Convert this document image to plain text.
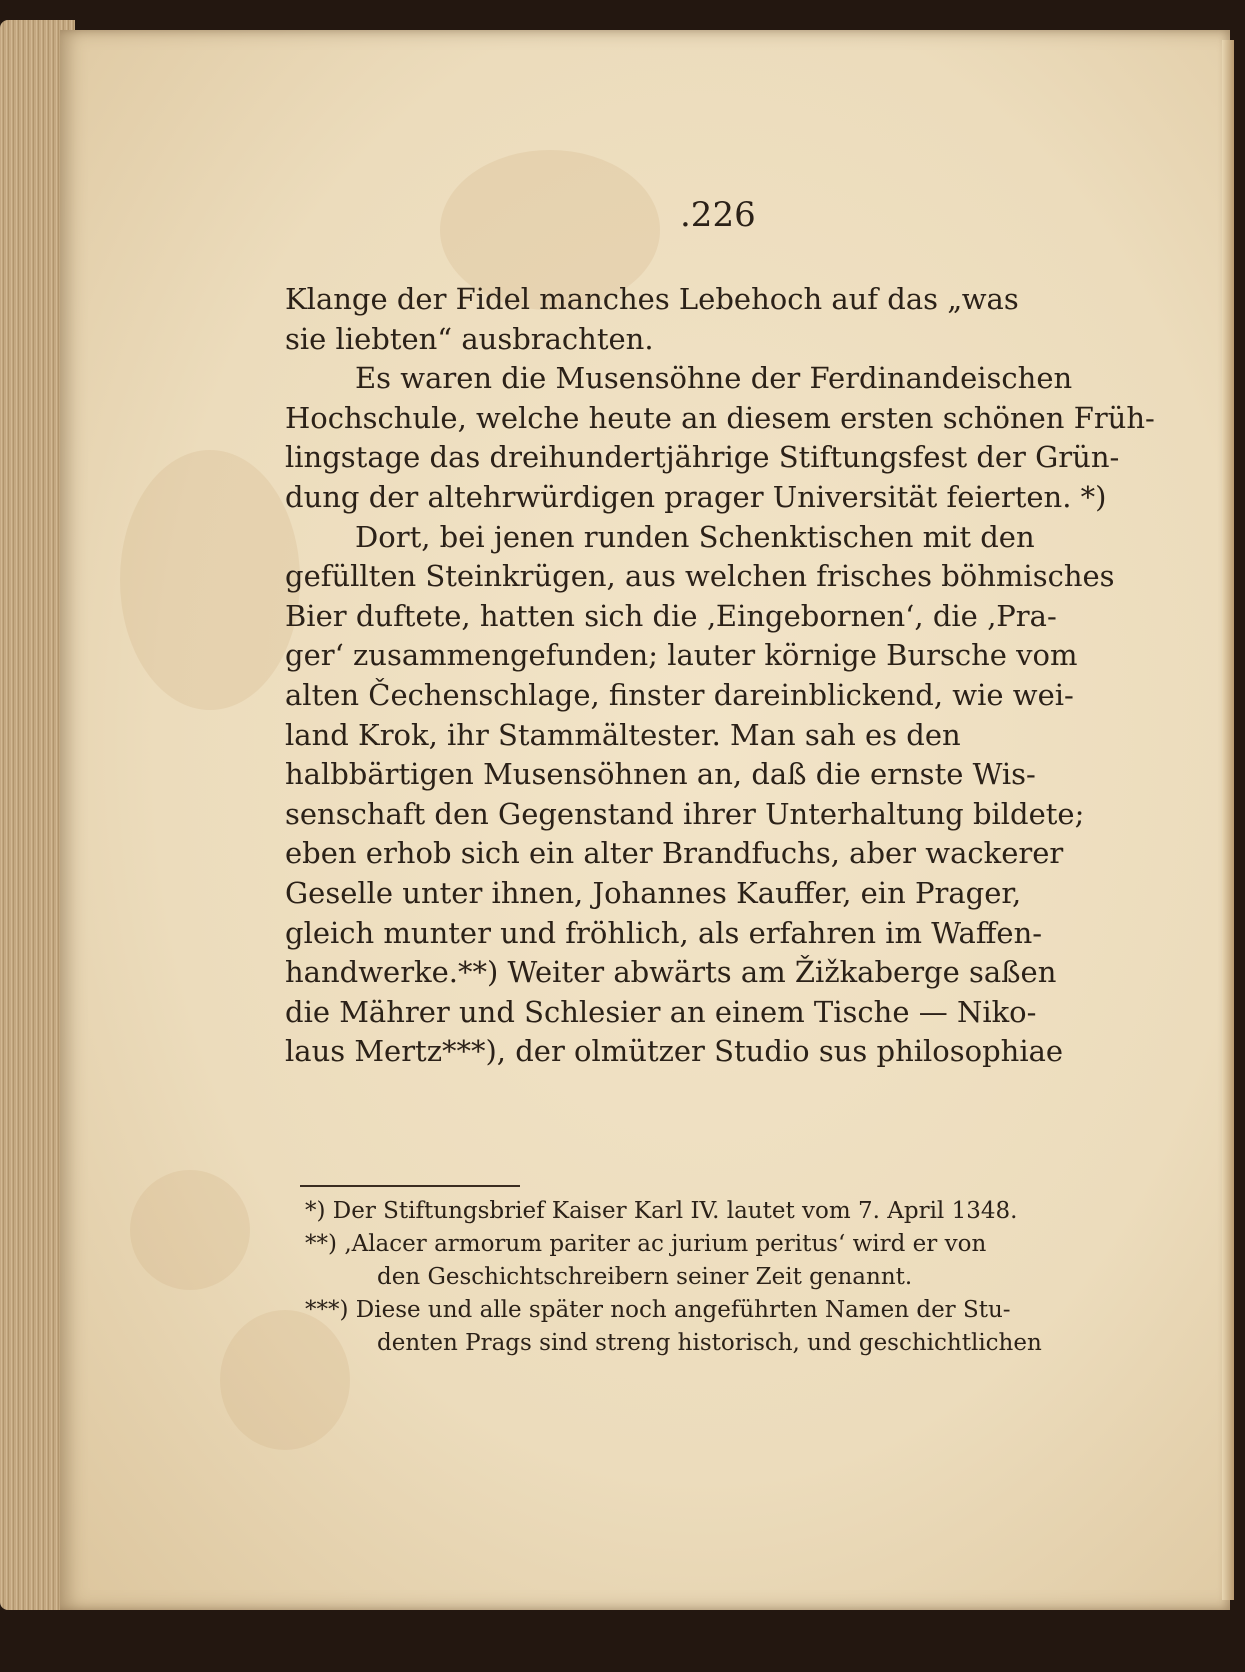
.226
Klange der Fidel manches Lebehoch auf das „was
sie liebten“ ausbrachten.
Es waren die Musensöhne der Ferdinandeischen
Hochschule, welche heute an diesem ersten schönen Früh-
lingstage das dreihundertjährige Stiftungsfest der Grün-
dung der altehrwürdigen prager Universität feierten. *)
Dort, bei jenen runden Schenktischen mit den
gefüllten Steinkrügen, aus welchen frisches böhmisches
Bier duftete, hatten sich die ‚Eingebornen‘, die ‚Pra-
ger‘ zusammengefunden; lauter körnige Bursche vom
alten Čechenschlage, finster dareinblickend, wie wei-
land Krok, ihr Stammältester. Man sah es den
halbbärtigen Musensöhnen an, daß die ernste Wis-
senschaft den Gegenstand ihrer Unterhaltung bildete;
eben erhob sich ein alter Brandfuchs, aber wackerer
Geselle unter ihnen, Johannes Kauffer, ein Prager,
gleich munter und fröhlich, als erfahren im Waffen-
handwerke.**) Weiter abwärts am Žižkaberge saßen
die Mährer und Schlesier an einem Tische — Niko-
laus Mertz***), der olmützer Studio sus philosophiae
*) Der Stiftungsbrief Kaiser Karl IV. lautet vom 7. April 1348.
**) ‚Alacer armorum pariter ac jurium peritus‘ wird er von
den Geschichtschreibern seiner Zeit genannt.
***) Diese und alle später noch angeführten Namen der Stu-
denten Prags sind streng historisch, und geschichtlichen
